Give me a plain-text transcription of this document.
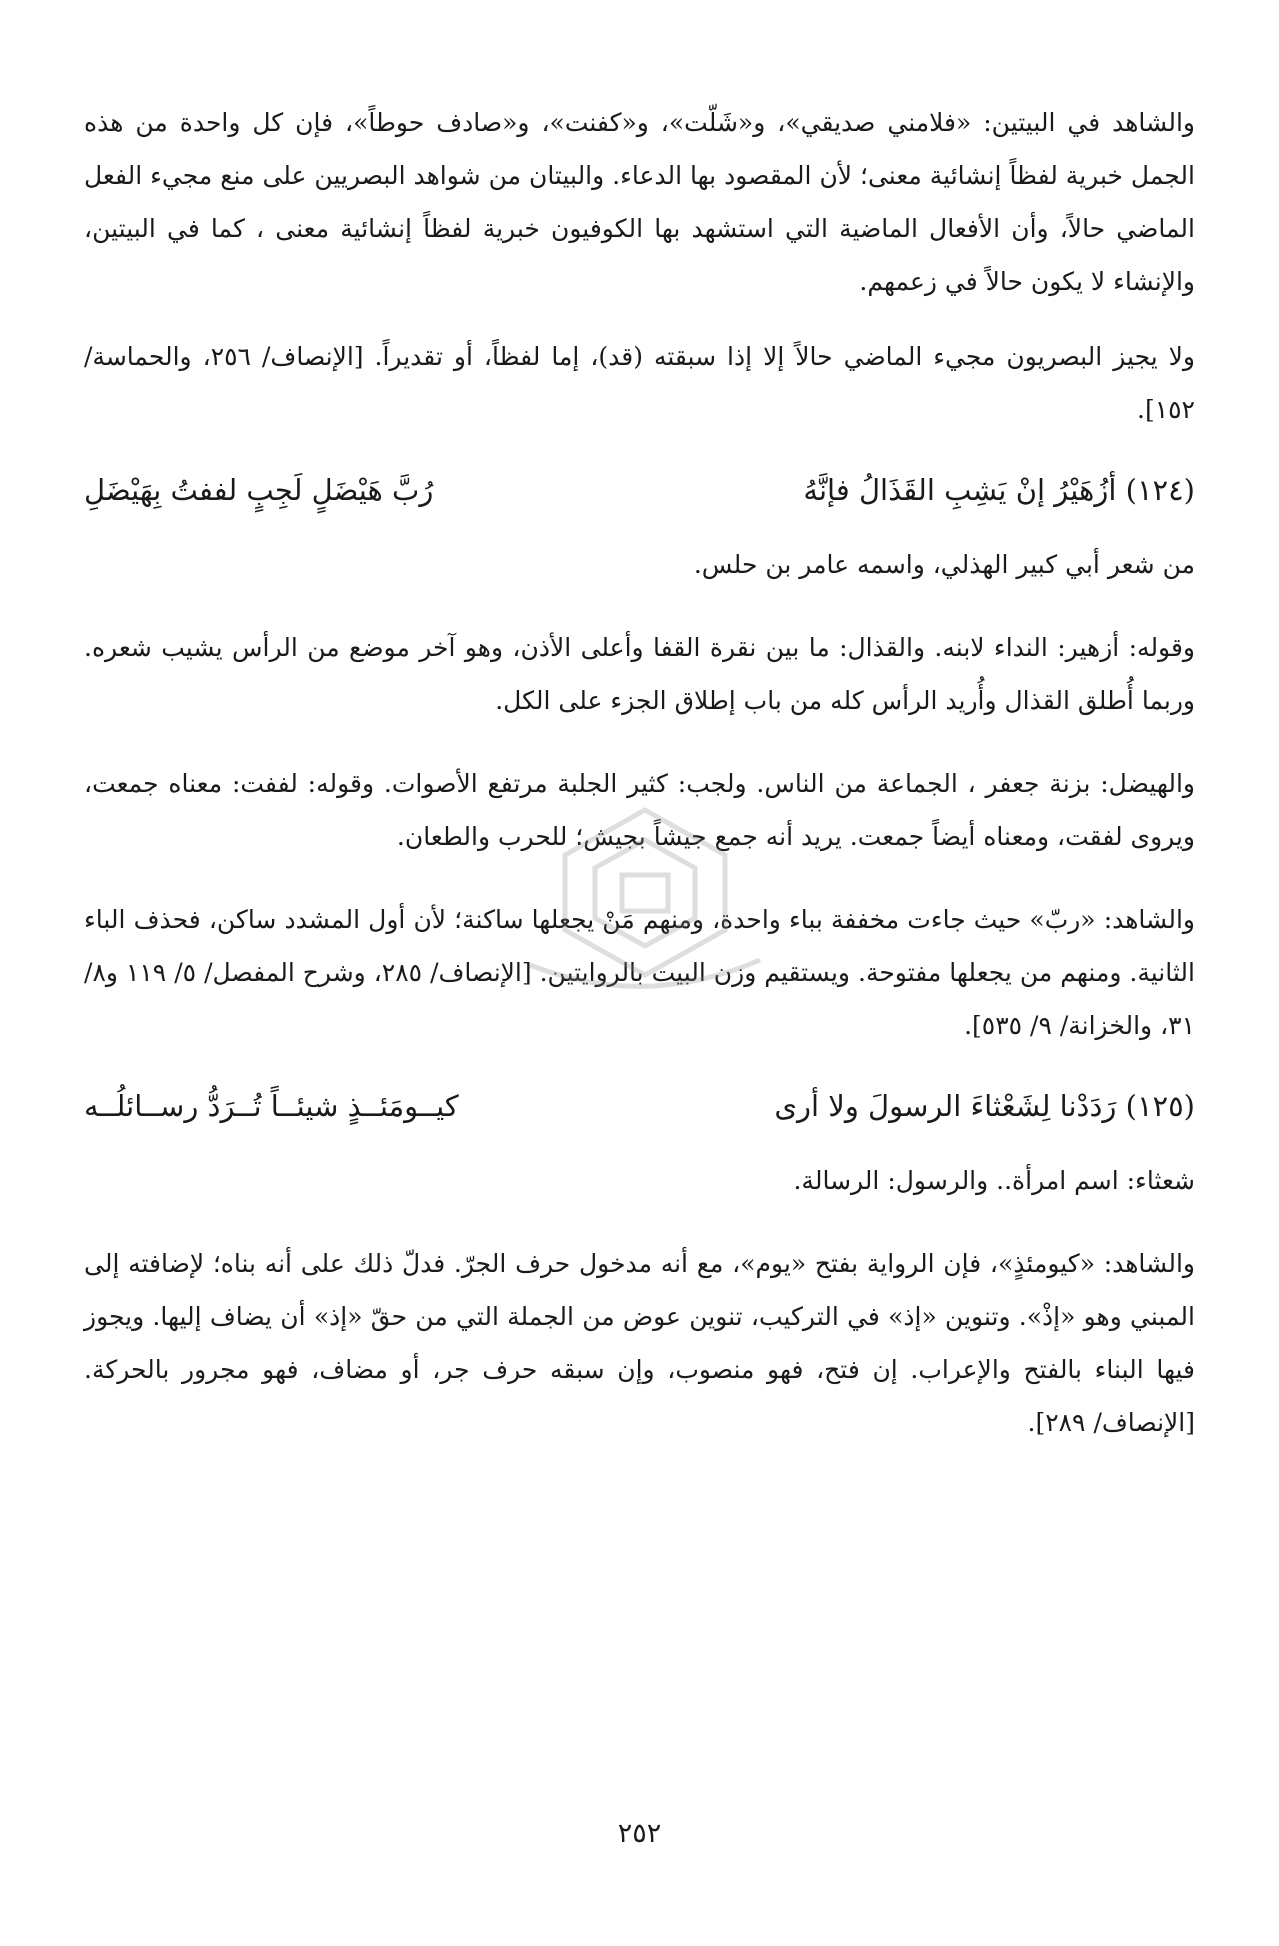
والشاهد في البيتين: «فلامني صديقي»، و«شَلّت»، و«كفنت»، و«صادف حوطاً»، فإن كل واحدة من هذه الجمل خبرية لفظاً إنشائية معنى؛ لأن المقصود بها الدعاء. والبيتان من شواهد البصريين على منع مجيء الفعل الماضي حالاً، وأن الأفعال الماضية التي استشهد بها الكوفيون خبرية لفظاً إنشائية معنى ، كما في البيتين، والإنشاء لا يكون حالاً في زعمهم.

ولا يجيز البصريون مجيء الماضي حالاً إلا إذا سبقته (قد)، إما لفظاً، أو تقديراً. [الإنصاف/ ٢٥٦، والحماسة/ ١٥٢].

(١٢٤) أزُهَيْرُ إنْ يَشِبِ القَذَالُ فإنَّهُ
رُبَّ هَيْضَلٍ لَجِبٍ لففتُ بِهَيْضَلِ

من شعر أبي كبير الهذلي، واسمه عامر بن حلس.

وقوله: أزهير: النداء لابنه. والقذال: ما بين نقرة القفا وأعلى الأذن، وهو آخر موضع من الرأس يشيب شعره. وربما أُطلق القذال وأُريد الرأس كله من باب إطلاق الجزء على الكل.

والهيضل: بزنة جعفر ، الجماعة من الناس. ولجب: كثير الجلبة مرتفع الأصوات. وقوله: لففت: معناه جمعت، ويروى لفقت، ومعناه أيضاً جمعت. يريد أنه جمع جيشاً بجيش؛ للحرب والطعان.

والشاهد: «ربّ» حيث جاءت مخففة بباء واحدة، ومنهم مَنْ يجعلها ساكنة؛ لأن أول المشدد ساكن، فحذف الباء الثانية. ومنهم من يجعلها مفتوحة. ويستقيم وزن البيت بالروايتين. [الإنصاف/ ٢٨٥، وشرح المفصل/ ٥/ ١١٩ و٨/ ٣١، والخزانة/ ٩/ ٥٣٥].

(١٢٥) رَدَدْنا لِشَعْثاءَ الرسولَ ولا أرى
كيــومَئــذٍ شيئــاً تُــرَدُّ رســائلُــه

شعثاء: اسم امرأة.. والرسول: الرسالة.

والشاهد: «كيومئذٍ»، فإن الرواية بفتح «يوم»، مع أنه مدخول حرف الجرّ. فدلّ ذلك على أنه بناه؛ لإضافته إلى المبني وهو «إذْ». وتنوين «إذ» في التركيب، تنوين عوض من الجملة التي من حقّ «إذ» أن يضاف إليها. ويجوز فيها البناء بالفتح والإعراب. إن فتح، فهو منصوب، وإن سبقه حرف جر، أو مضاف، فهو مجرور بالحركة. [الإنصاف/ ٢٨٩].

٢٥٢
